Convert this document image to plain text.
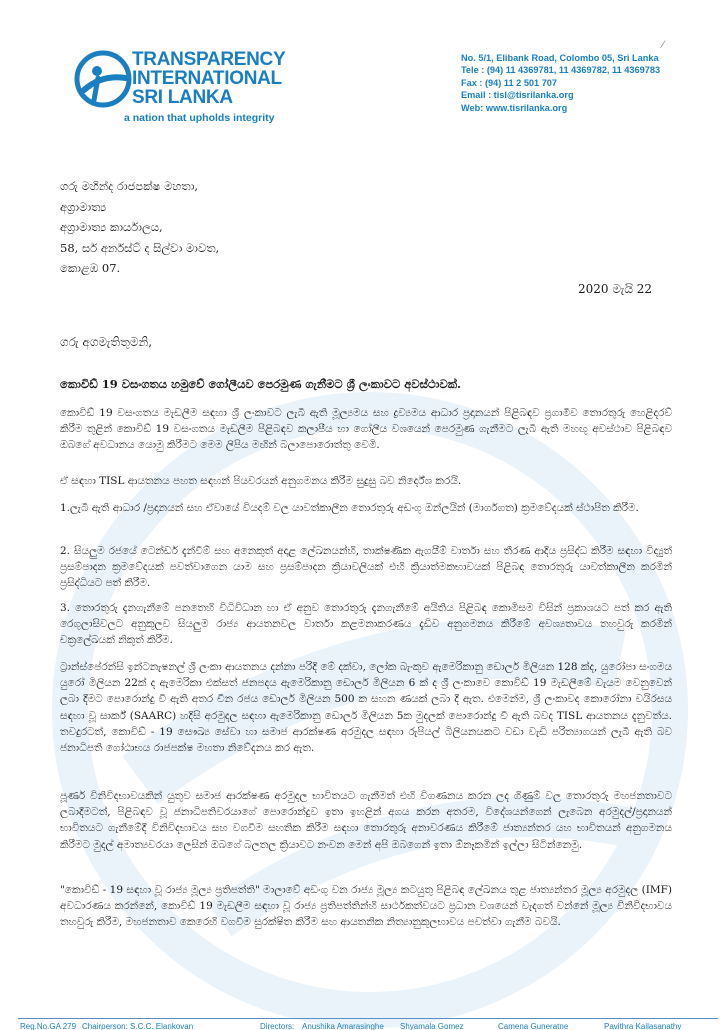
TRANSPARENCY
INTERNATIONAL
SRI LANKA
a nation that upholds integrity
⁄
No. 5/1, Elibank Road, Colombo 05, Sri Lanka
Tele : (94) 11 4369781, 11 4369782, 11 4369783
Fax : (94) 11 2 501 707
Email : tisl@tisrilanka.org
Web: www.tisrilanka.org
ගරු මහින්ද රාජපක්ෂ මහතා,
අග්‍රාමාත්‍ය
අග්‍රාමාත්‍ය කාර්යාලය,
58, සර් අර්නස්ට් ද සිල්වා මාවත,
කොළඹ 07.
2020 මැයි 22
ගරු අගමැතිතුමනි,
කොවිඩ් 19 වසංගතය හමුවේ ගෝලීයව පෙරමුණ ගැනීමට ශ්‍රී ලංකාවට අවස්ථාවක්.
කොවිඩ් 19 වසංගතය මැඩලීම සඳහා ශ්‍රී ලංකාවට ලැබී ඇති මූල්‍යමය සහ ද්‍රව්‍යමය ආධාර ප්‍රදානයන් පිළිබඳව ප්‍රගාමීව තොරතුරු හෙළිදරව් කිරීම තුළින් කොවිඩ් 19 වසංගතය මැඩලීම පිළිබඳව කලාපීය හා ගෝලීය වශයෙන් පෙරමුණ ගැනීමට ලැබී ඇති මහඟු අවස්ථාව පිළිබඳව ඔබගේ අවධානය යොමු කිරීමට මෙම ලිපිය මඟින් බලාපොරොත්තු වෙමි.
ඒ සඳහා TISL ආයතනය පහත සඳහන් පියවරයන් අනුගමනය කිරීම සුදුසු බව නිර්දේශ කරයි.
1.ලැබී ඇති ආධාර /ප්‍රදානයන් සහ ඒවායේ වියදම් වල යාවත්කාලීන තොරතුරු අඩංගු ඔන්ලයින් (මාර්ගගත) ක්‍රමවේදයක් ස්ථාපිත කිරීම.
2. සියලුම රජයේ ටෙන්ඩර් දැන්වීම් සහ අනෙකුත් අදාළ ලේඛනයන්හි, තාක්ෂණික ඇගයීම් වාර්තා සහ තීරණ ආදිය ප්‍රසිද්ධ කිරීම සඳහා විද්‍යුත් ප්‍රසම්පාදන ක්‍රමවේදයක් පවත්වාගෙන යාම සහ ප්‍රසම්පාදන ක්‍රියාවලියක් එහි ක්‍රියාත්මකභාවයක් පිළිබඳ තොරතුරු යාවත්කාලීන කරමින් ප්‍රසිද්ධියට පත් කිරීම.
3. තොරතුරු දැනගැනීමේ පනතෙහි විධිවිධාන හා ඒ අනුව තොරතුරු දැනගැනීමේ අයිතිය පිළිබඳ කොමිසම විසින් ප්‍රකාශයට පත් කර ඇති රෙගුලාසිවලට අනුකූලව සියලුම රාජ්‍ය ආයතනවල වාර්තා කළමනාකරණය දැඩිව අනුගමනය කිරීමේ අවශ්‍යතාවය තහවුරු කරමින් චක්‍රලේඛයක් නිකුත් කිරීම.
ට්‍රාන්ස්පේරන්සි ඉන්ටනැෂනල් ශ්‍රී ලංකා ආයතනය දන්නා පරිදි මේ දක්වා, ලෝක බැංකුව ඇමෙරිකානු ඩොලර් මිලියන 128 ක්ද, යුරෝපා සංගමය යුරෝ මිලියන 22ක් ද ඇමෙරිකා එක්සත් ජනපදය ඇමෙරිකානු ඩොලර් මිලියන 6 ක් ද ශ්‍රී ලංකාවෙ කොවිඩ් 19 මැඩලීමේ වැයම වෙනුවෙන් ලබා දීමට පොරොන්දු වී ඇති අතර චීන රජය ඩොලර් මිලියන 500 ක සහන ණයක් ලබා දී ඇත. එමෙන්ම, ශ්‍රී ලංකාවද කොරෝනා වයිරසය සඳහා වූ සාර්ක් (SAARC) හදිසි අරමුදල සඳහා ඇමෙරිකානු ඩොලර් මිලියන 5ක මුදලක් පොරොන්දු වී ඇති බවද TISL ආයතනය දැනුවත්ය. තවදුරටත්, කොවිඩ් - 19 සෞඛ්‍ය සේවා හා සමාජ ආරක්ෂණ අරමුදල සඳහා රුපියල් බිලියනයකට වඩා වැඩි පරිත්‍යාගයන් ලැබී ඇති බව ජනාධිපති ගෝඨාභය රාජපක්ෂ මහතා නිවේදනය කර ඇත.
පූර්ණ විනිවිදභාවයකින් යුතුව සමාජ ආරක්ෂණ අරමුදල භාවිතයට ගැනීමත් එහි විගණනය කරන ලද ගිණුම් වල තොරතුරු මහජනතාවට ලබාදීමටත්, පිළිබඳව වූ ජනාධිපතිවරයාගේ පොරොන්දුව ඉතා ඉහළින් අගය කරන අතරම, විදේශයන්ගෙන් ලැබෙන අරමුදල්/ප්‍රදානයන් භාවිතයට ගැනීමේදී විනිවිදභාවය සහ වගවීම සහතික කිරීම සඳහා තොරතුරු අනාවරණය කිරීමේ ජාත්‍යන්තර යහ භාවිතයන් අනුගමනය කිරීමට මුදල් අමාත්‍යවරයා ලෙසින් ඔබගේ බලතල ක්‍රියාවට නංවන මෙන් අපි ඔබගෙන් ඉතා ඕනෑකමින් ඉල්ලා සිටින්නෙමු.
"කොවිඩ් - 19 සඳහා වූ රාජ්‍ය මූල්‍ය ප්‍රතිපත්ති" මාලාවේ අඩංගු වන රාජ්‍ය මූල්‍ය කටයුතු පිළිබඳ ලේඛනය තුළ ජාත්‍යන්තර මූල්‍ය අරමුදල (IMF) අවධාරණය කරන්නේ, කොවිඩ් 19 මැඩලීම සඳහා වූ රාජ්‍ය ප්‍රතිපත්තින්හි සාර්ථකත්වයට ප්‍රධාන වශයෙන් වැදගත් වන්නේ මූල්‍ය විනිවිදභාවය තහවුරු කිරීම, මහජනතාව කෙරෙහි වගවීම සුරක්ෂිත කිරීම සහ ආයතනික නිත්‍යානුකූලභාවය පවත්වා ගැනීම බවයි.
Reg.No.GA 279 Chairperson: S.C.C. Elankovan	Directors: Anushika Amarasinghe Shyamala Gomez	Camena Guneratne	Pavithra Kailasanathy
